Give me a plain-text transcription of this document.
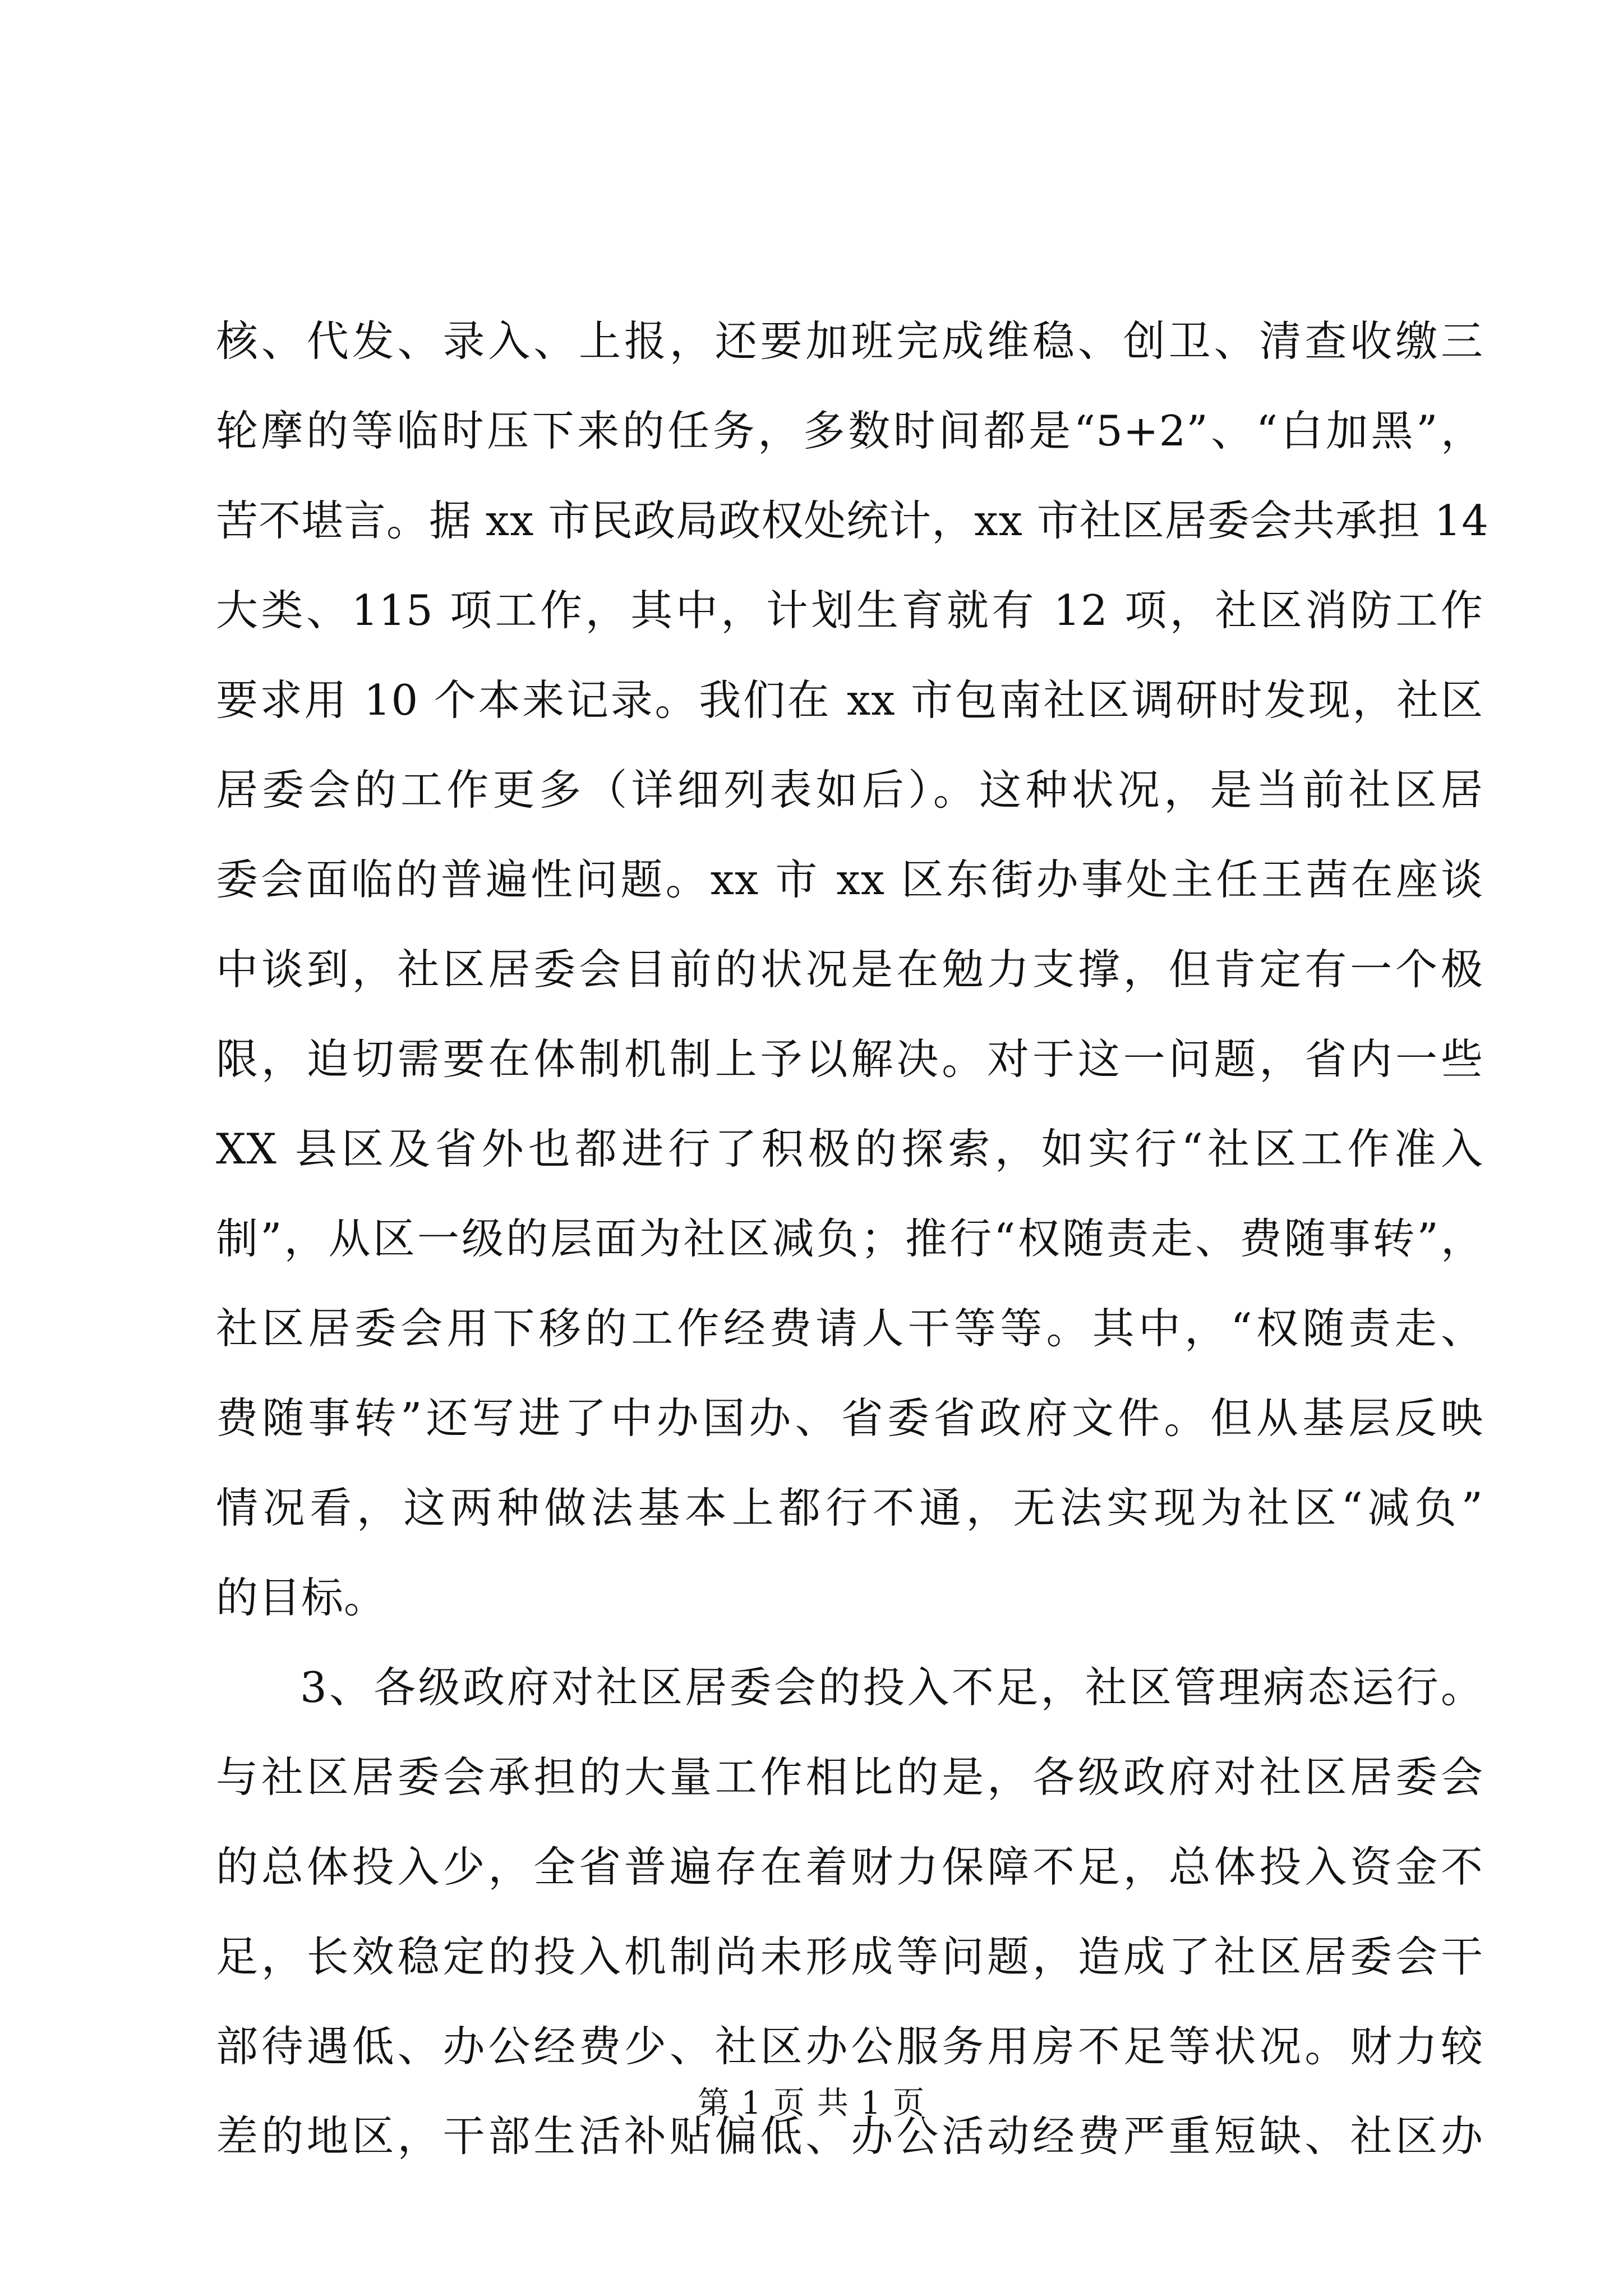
核、代发、录入、上报，还要加班完成维稳、创卫、清查收缴三
轮摩的等临时压下来的任务，多数时间都是“5+2”、“白加黑”，
苦不堪言。据 xx 市民政局政权处统计，xx 市社区居委会共承担 14
大类、115 项工作，其中，计划生育就有 12 项，社区消防工作
要求用 10 个本来记录。我们在 xx 市包南社区调研时发现，社区
居委会的工作更多（详细列表如后）。这种状况，是当前社区居
委会面临的普遍性问题。xx 市 xx 区东街办事处主任王茜在座谈
中谈到，社区居委会目前的状况是在勉力支撑，但肯定有一个极
限，迫切需要在体制机制上予以解决。对于这一问题，省内一些
XX 县区及省外也都进行了积极的探索，如实行“社区工作准入
制”，从区一级的层面为社区减负；推行“权随责走、费随事转”，
社区居委会用下移的工作经费请人干等等。其中，“权随责走、
费随事转”还写进了中办国办、省委省政府文件。但从基层反映
情况看，这两种做法基本上都行不通，无法实现为社区“减负”
的目标。
3、各级政府对社区居委会的投入不足，社区管理病态运行。
与社区居委会承担的大量工作相比的是，各级政府对社区居委会
的总体投入少，全省普遍存在着财力保障不足，总体投入资金不
足，长效稳定的投入机制尚未形成等问题，造成了社区居委会干
部待遇低、办公经费少、社区办公服务用房不足等状况。财力较
差的地区，干部生活补贴偏低、办公活动经费严重短缺、社区办
第 1 页 共 1 页
